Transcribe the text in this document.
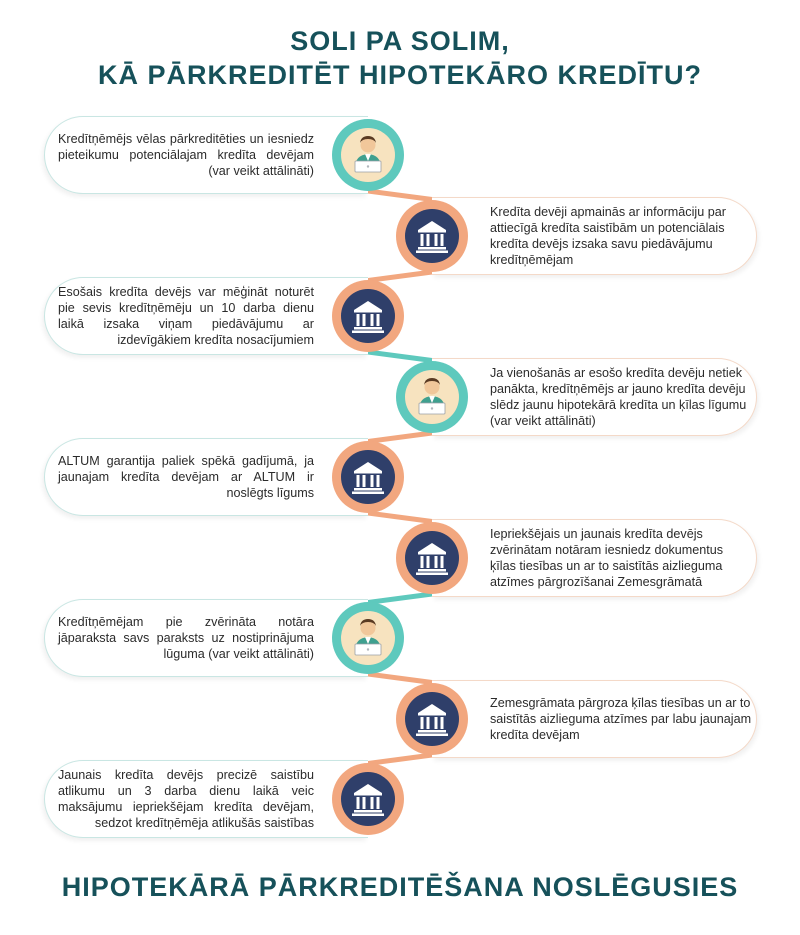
SOLI PA SOLIM,
KĀ PĀRKREDITĒT HIPOTEKĀRO KREDĪTU?
Kredītņēmējs vēlas pārkreditēties un iesniedz pieteikumu potenciālajam kredīta devējam (var veikt attālināti)
Kredīta devēji apmainās ar informāciju par attiecīgā kredīta saistībām un potenciālais kredīta devējs izsaka savu piedāvājumu kredītņēmējam
Esošais kredīta devējs var mēģināt noturēt pie sevis kredītņēmēju un 10 darba dienu laikā izsaka viņam piedāvājumu ar izdevīgākiem kredīta nosacījumiem
Ja vienošanās ar esošo kredīta devēju netiek panākta, kredītņēmējs ar jauno kredīta devēju slēdz jaunu hipotekārā kredīta un ķīlas līgumu (var veikt attālināti)
ALTUM garantija paliek spēkā gadījumā, ja jaunajam kredīta devējam ar ALTUM ir noslēgts līgums
Iepriekšējais un jaunais kredīta devējs zvērinātam notāram iesniedz dokumentus ķīlas tiesības un ar to saistītās aizlieguma atzīmes pārgrozīšanai Zemesgrāmatā
Kredītņēmējam pie zvērināta notāra jāparaksta savs paraksts uz nostiprinājuma lūguma (var veikt attālināti)
Zemesgrāmata pārgroza ķīlas tiesības un ar to saistītās aizlieguma atzīmes par labu jaunajam kredīta devējam
Jaunais kredīta devējs precizē saistību atlikumu un 3 darba dienu laikā veic maksājumu iepriekšējam kredīta devējam, sedzot kredītņēmēja atlikušās saistības
HIPOTEKĀRĀ PĀRKREDITĒŠANA NOSLĒGUSIES
